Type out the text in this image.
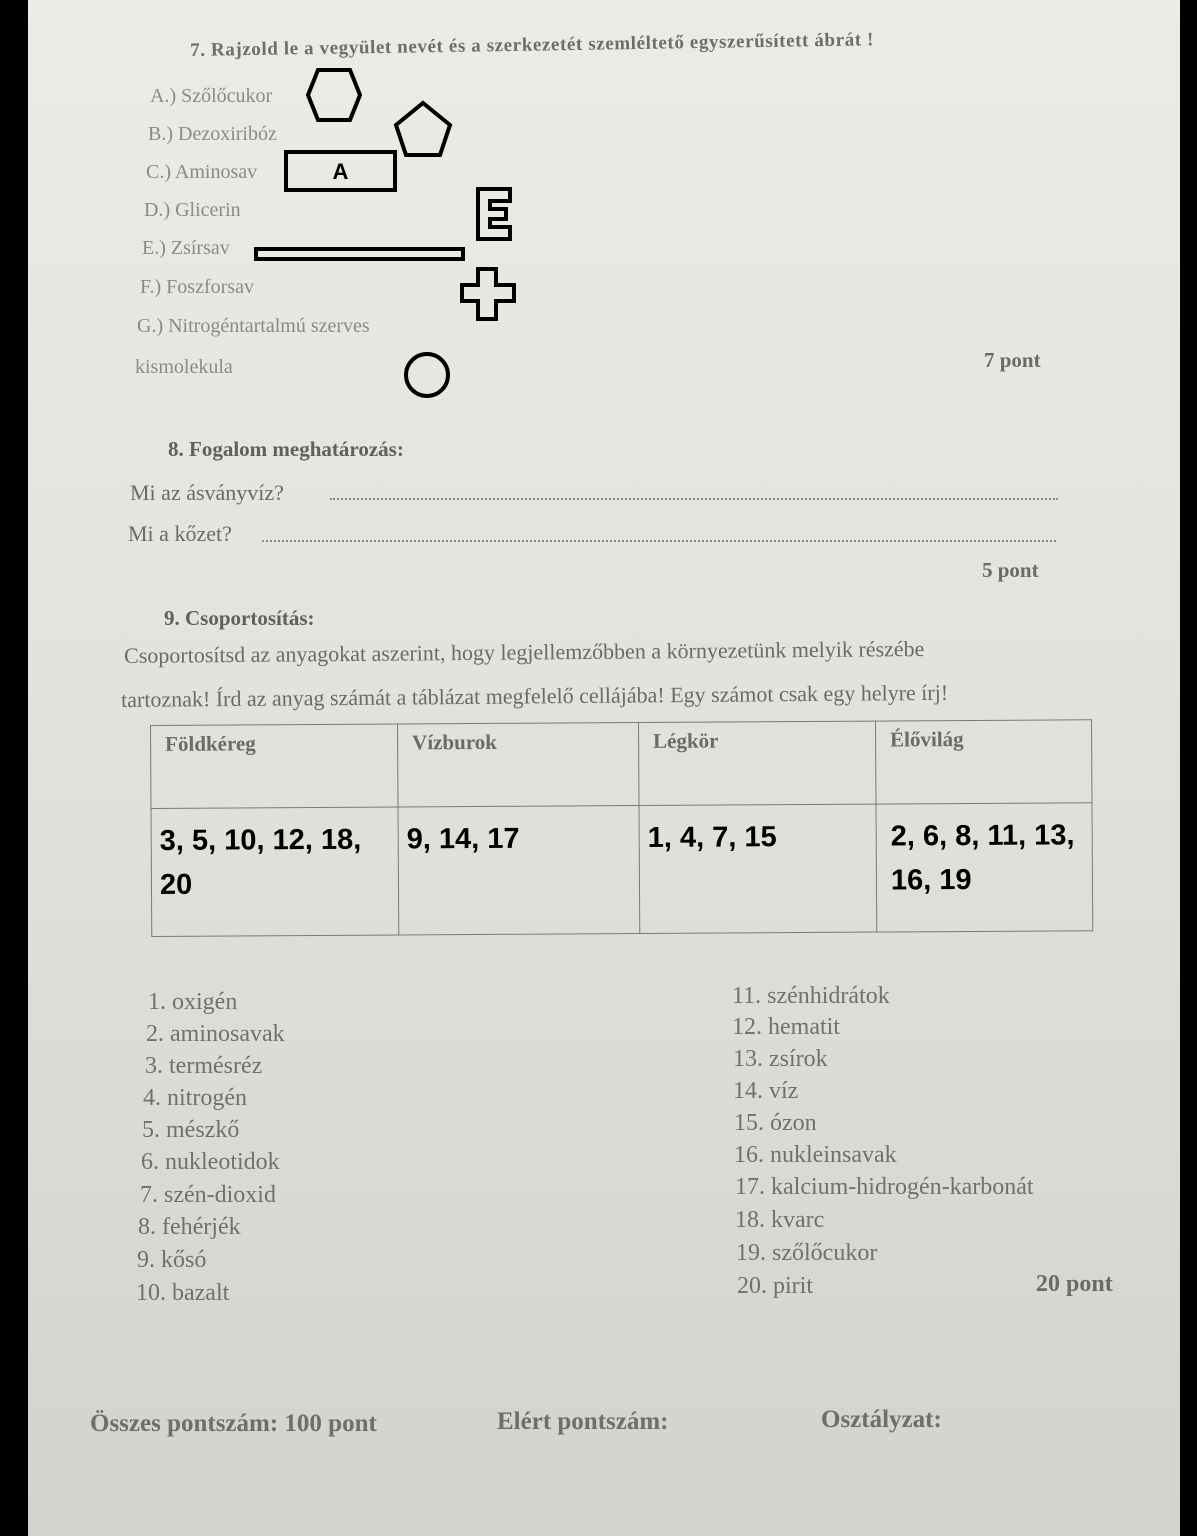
7. Rajzold le a vegyület nevét és a szerkezetét szemléltető egyszerűsített ábrát !
A.) Szőlőcukor
B.) Dezoxiribóz
C.) Aminosav
D.) Glicerin
E.) Zsírsav
F.) Foszforsav
G.) Nitrogéntartalmú szerves
kismolekula	7 pont
A
8. Fogalom meghatározás:
Mi az ásványvíz?
Mi a kőzet?
5 pont
9. Csoportosítás:
Csoportosítsd az anyagokat aszerint, hogy legjellemzőbben a környezetünk melyik részébe
tartoznak! Írd az anyag számát a táblázat megfelelő cellájába! Egy számot csak egy helyre írj!
Földkéreg	Vízburok	Légkör	Élővilág
3, 5, 10, 12, 18, 20	9, 14, 17	1, 4, 7, 15	2, 6, 8, 11, 13, 16, 19
1. oxigén
2. aminosavak
3. termésréz
4. nitrogén
5. mészkő
6. nukleotidok
7. szén-dioxid
8. fehérjék
9. kősó
10. bazalt
11. szénhidrátok
12. hematit
13. zsírok
14. víz
15. ózon
16. nukleinsavak
17. kalcium-hidrogén-karbonát
18. kvarc
19. szőlőcukor
20. pirit	20 pont
Összes pontszám: 100 pont	Elért pontszám:	Osztályzat:
